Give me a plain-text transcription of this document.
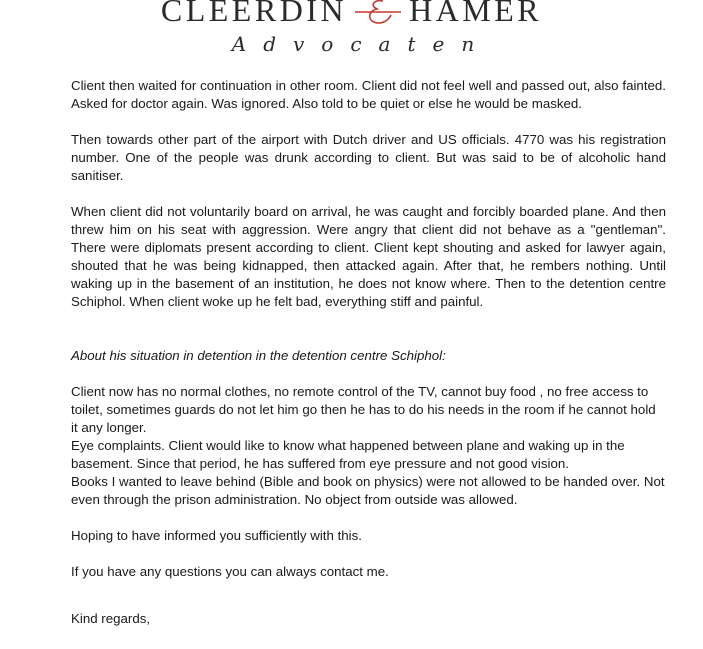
CLEERDIN HAMER
Advocaten

Client then waited for continuation in other room. Client did not feel well and passed out, also fainted. Asked for doctor again. Was ignored. Also told to be quiet or else he would be masked.

Then towards other part of the airport with Dutch driver and US officials. 4770 was his registration number. One of the people was drunk according to client. But was said to be of alcoholic hand sanitiser.

When client did not voluntarily board on arrival, he was caught and forcibly boarded plane. And then threw him on his seat with aggression. Were angry that client did not behave as a "gentleman". There were diplomats present according to client. Client kept shouting and asked for lawyer again, shouted that he was being kidnapped, then attacked again. After that, he rembers nothing. Until waking up in the basement of an institution, he does not know where. Then to the detention centre Schiphol. When client woke up he felt bad, everything stiff and painful.

About his situation in detention in the detention centre Schiphol:

Client now has no normal clothes, no remote control of the TV, cannot buy food , no free access to toilet, sometimes guards do not let him go then he has to do his needs in the room if he cannot hold it any longer.

Eye complaints. Client would like to know what happened between plane and waking up in the basement. Since that period, he has suffered from eye pressure and not good vision.

Books I wanted to leave behind (Bible and book on physics) were not allowed to be handed over. Not even through the prison administration. No object from outside was allowed.

Hoping to have informed you sufficiently with this.

If you have any questions you can always contact me.

Kind regards,
